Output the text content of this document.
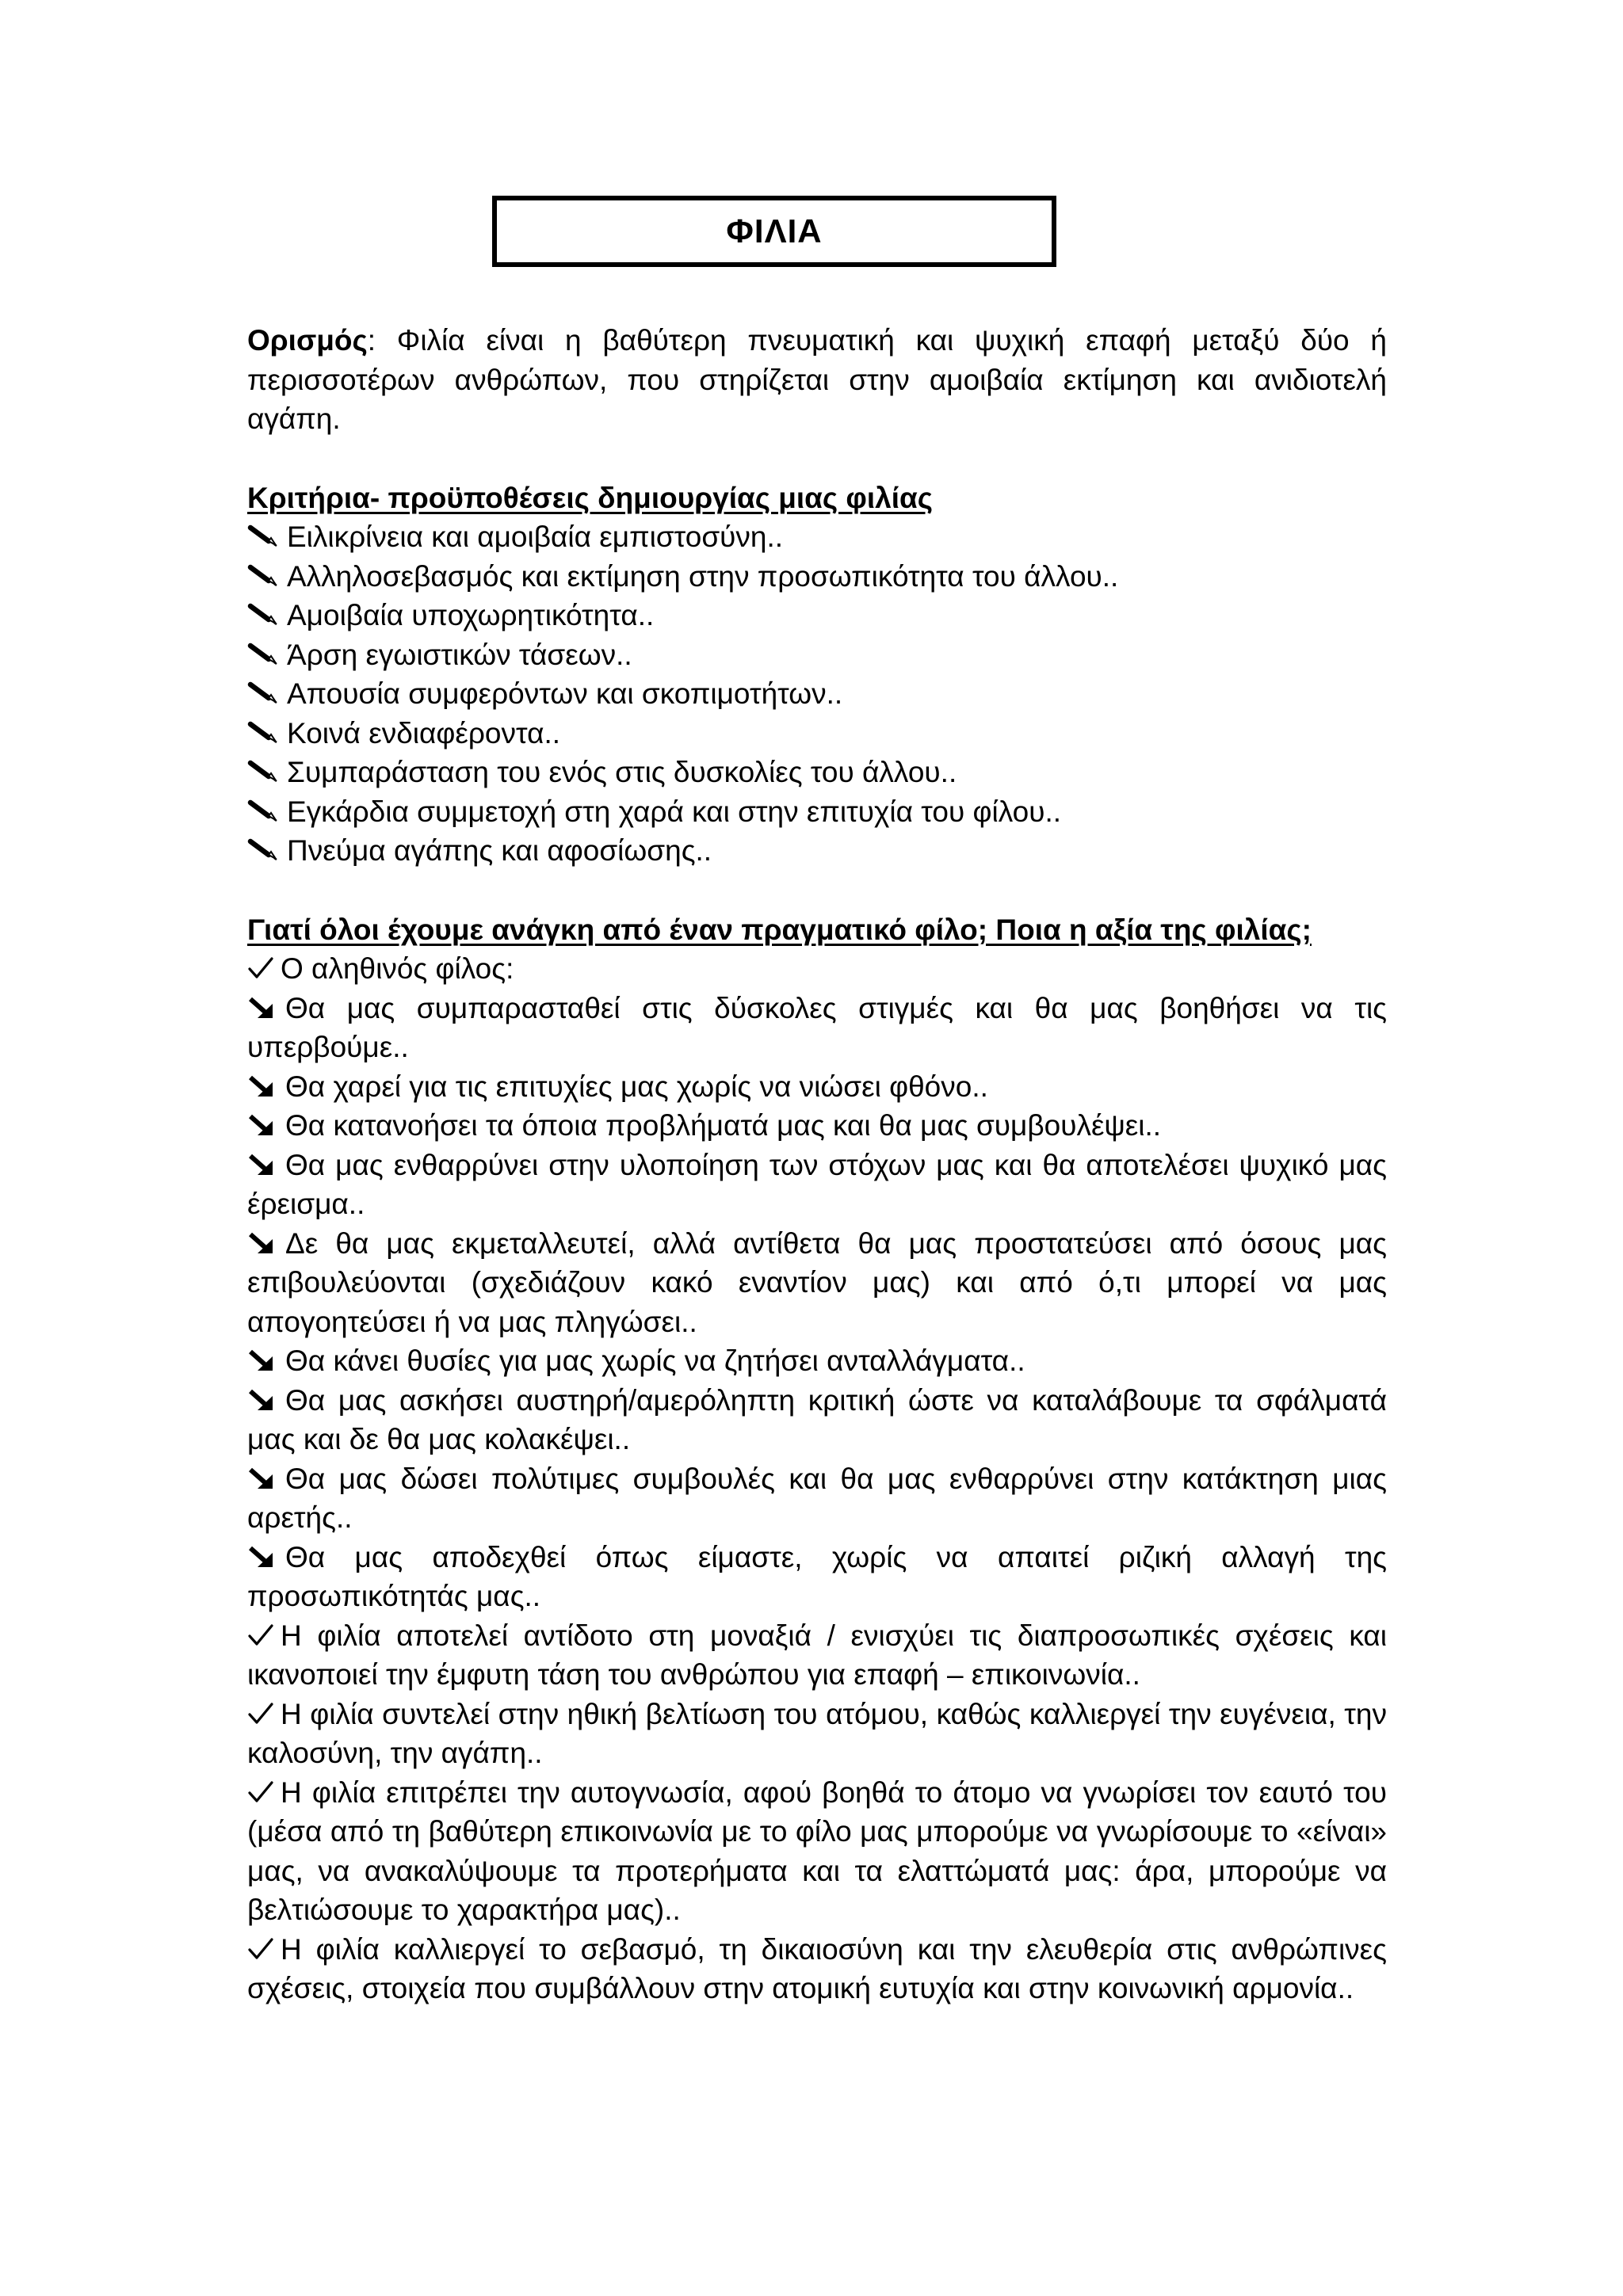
ΦΙΛΙΑ

Ορισμός: Φιλία είναι η βαθύτερη πνευματική και ψυχική επαφή μεταξύ δύο ή περισσοτέρων ανθρώπων, που στηρίζεται στην αμοιβαία εκτίμηση και ανιδιοτελή αγάπη.

Κριτήρια- προϋποθέσεις δημιουργίας μιας φιλίας

Ειλικρίνεια και αμοιβαία εμπιστοσύνη..

Αλληλοσεβασμός και εκτίμηση στην προσωπικότητα του άλλου..

Αμοιβαία υποχωρητικότητα..

Άρση εγωιστικών τάσεων..

Απουσία συμφερόντων και σκοπιμοτήτων..

Κοινά ενδιαφέροντα..

Συμπαράσταση του ενός στις δυσκολίες του άλλου..

Εγκάρδια συμμετοχή στη χαρά και στην επιτυχία του φίλου..

Πνεύμα αγάπης και αφοσίωσης..

Γιατί όλοι έχουμε ανάγκη από έναν πραγματικό φίλο; Ποια η αξία της φιλίας;

Ο αληθινός φίλος:

Θα μας συμπαρασταθεί στις δύσκολες στιγμές και θα μας βοηθήσει να τις υπερβούμε..

Θα χαρεί για τις επιτυχίες μας χωρίς να νιώσει φθόνο..

Θα κατανοήσει τα όποια προβλήματά μας και θα μας συμβουλέψει..

Θα μας ενθαρρύνει στην υλοποίηση των στόχων μας και θα αποτελέσει ψυχικό μας έρεισμα..

Δε θα μας εκμεταλλευτεί, αλλά αντίθετα θα μας προστατεύσει από όσους μας επιβουλεύονται (σχεδιάζουν κακό εναντίον μας) και από ό,τι μπορεί να μας απογοητεύσει ή να μας πληγώσει..

Θα κάνει θυσίες για μας χωρίς να ζητήσει ανταλλάγματα..

Θα μας ασκήσει αυστηρή/αμερόληπτη κριτική ώστε να καταλάβουμε τα σφάλματά μας και δε θα μας κολακέψει..

Θα μας δώσει πολύτιμες συμβουλές και θα μας ενθαρρύνει στην κατάκτηση μιας αρετής..

Θα μας αποδεχθεί όπως είμαστε, χωρίς να απαιτεί ριζική αλλαγή της προσωπικότητάς μας..

Η φιλία αποτελεί αντίδοτο στη μοναξιά / ενισχύει τις διαπροσωπικές σχέσεις και ικανοποιεί την έμφυτη τάση του ανθρώπου για επαφή – επικοινωνία..

Η φιλία συντελεί στην ηθική βελτίωση του ατόμου, καθώς καλλιεργεί την ευγένεια, την καλοσύνη, την αγάπη..

Η φιλία επιτρέπει την αυτογνωσία, αφού βοηθά το άτομο να γνωρίσει τον εαυτό του (μέσα από τη βαθύτερη επικοινωνία με το φίλο μας μπορούμε να γνωρίσουμε το «είναι» μας, να ανακαλύψουμε τα προτερήματα και τα ελαττώματά μας: άρα, μπορούμε να βελτιώσουμε το χαρακτήρα μας)..

Η φιλία καλλιεργεί το σεβασμό, τη δικαιοσύνη και την ελευθερία στις ανθρώπινες σχέσεις, στοιχεία που συμβάλλουν στην ατομική ευτυχία και στην κοινωνική αρμονία..
